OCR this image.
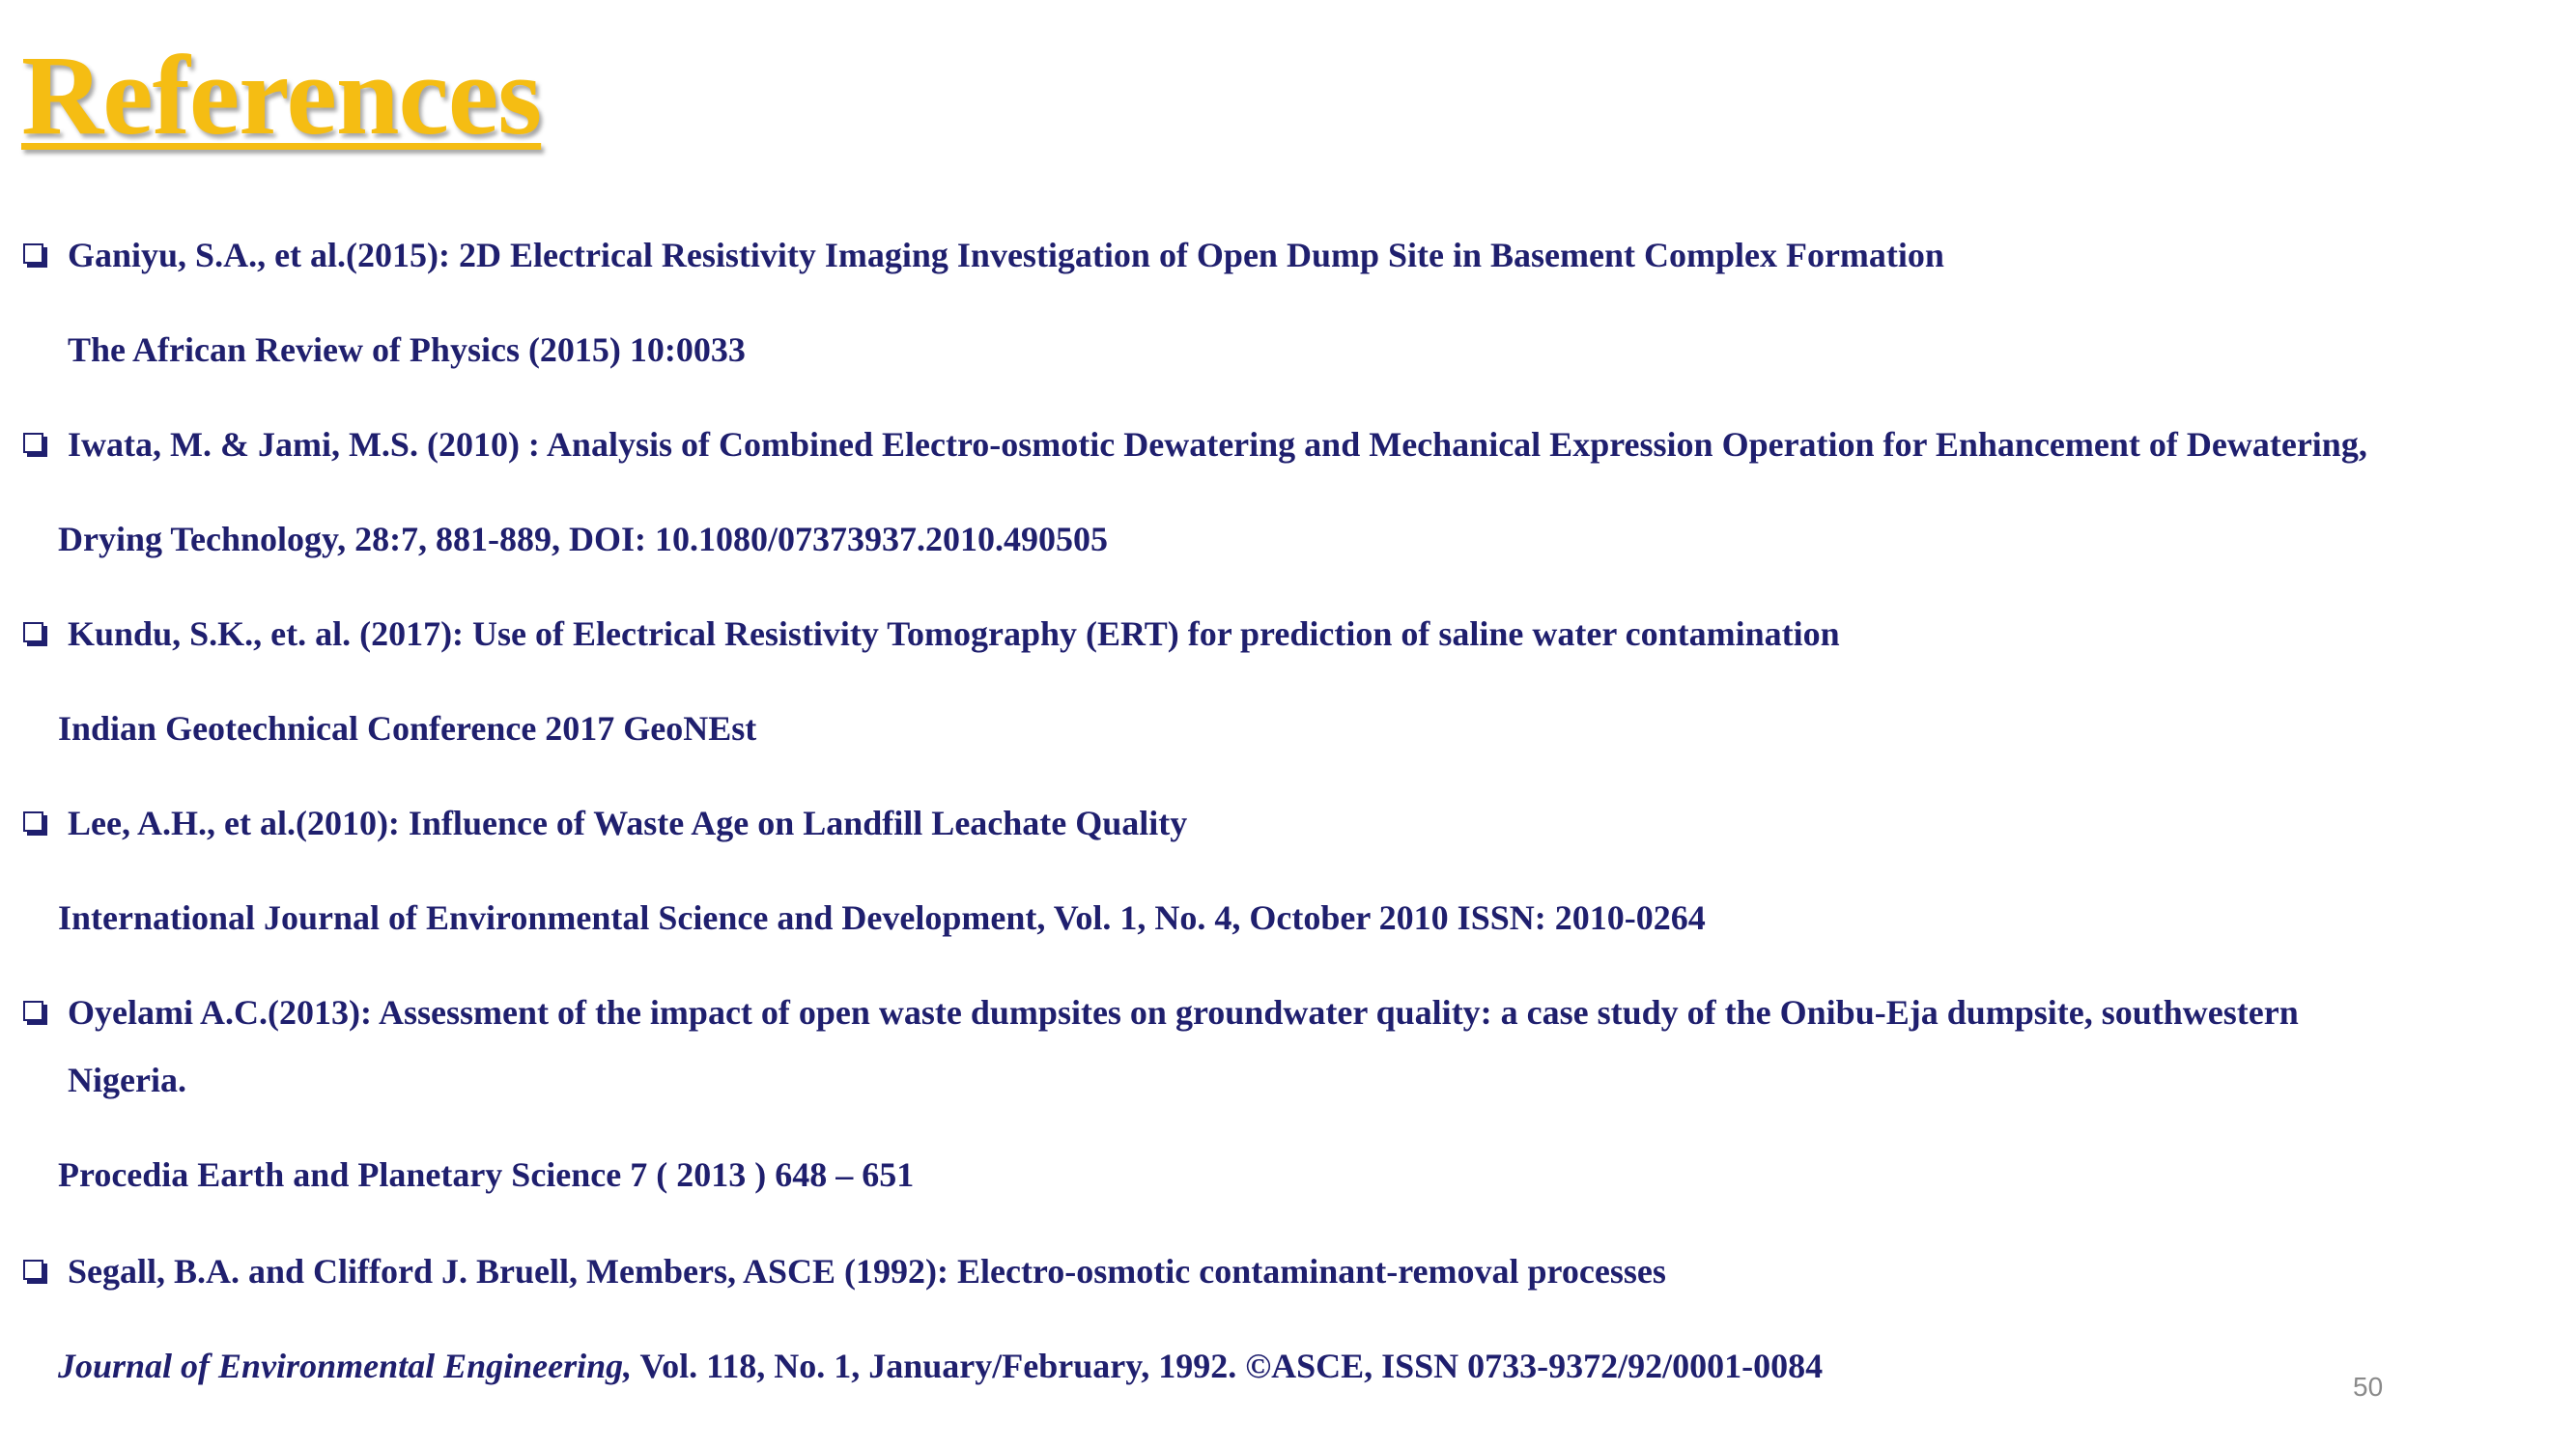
References
Ganiyu, S.A., et al.(2015): 2D Electrical Resistivity Imaging Investigation of Open Dump Site in Basement Complex Formation
The African Review of Physics (2015) 10:0033
Iwata, M. & Jami, M.S. (2010) : Analysis of Combined Electro-osmotic Dewatering and Mechanical Expression Operation for Enhancement of Dewatering,
Drying Technology, 28:7, 881-889, DOI: 10.1080/07373937.2010.490505
Kundu, S.K., et. al. (2017): Use of Electrical Resistivity Tomography (ERT) for prediction of saline water contamination
Indian Geotechnical Conference 2017 GeoNEst
Lee, A.H., et al.(2010): Influence of Waste Age on Landfill Leachate Quality
International Journal of Environmental Science and Development, Vol. 1, No. 4, October 2010 ISSN: 2010-0264
Oyelami A.C.(2013): Assessment of the impact of open waste dumpsites on groundwater quality: a case study of the Onibu-Eja dumpsite, southwestern
Nigeria.
Procedia Earth and Planetary Science 7 ( 2013 ) 648 – 651
Segall, B.A. and Clifford J. Bruell, Members, ASCE (1992): Electro-osmotic contaminant-removal processes
Journal of Environmental Engineering, Vol. 118, No. 1, January/February, 1992. ©ASCE, ISSN 0733-9372/92/0001-0084
50
